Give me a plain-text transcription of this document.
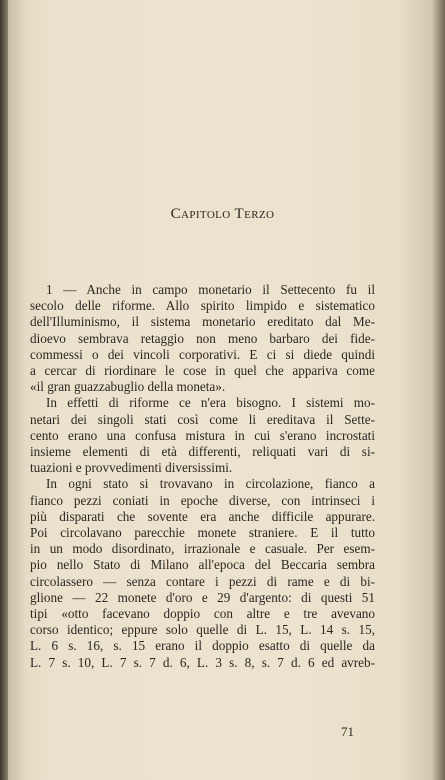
Capitolo Terzo

1 — Anche in campo monetario il Settecento fu il

secolo delle riforme. Allo spirito limpido e sistematico

dell'Illuminismo, il sistema monetario ereditato dal Me-

dioevo sembrava retaggio non meno barbaro dei fide-

commessi o dei vincoli corporativi. E ci si diede quindi

a cercar di riordinare le cose in quel che appariva come

«il gran guazzabuglio della moneta».

In effetti di riforme ce n'era bisogno. I sistemi mo-

netari dei singoli stati così come li ereditava il Sette-

cento erano una confusa mistura in cui s'erano incrostati

insieme elementi di età differenti, reliquati vari di si-

tuazioni e provvedimenti diversissimi.

In ogni stato si trovavano in circolazione, fianco a

fianco pezzi coniati in epoche diverse, con intrinseci i

più disparati che sovente era anche difficile appurare.

Poi circolavano parecchie monete straniere. E il tutto

in un modo disordinato, irrazionale e casuale. Per esem-

pio nello Stato di Milano all'epoca del Beccaria sembra

circolassero — senza contare i pezzi di rame e di bi-

glione — 22 monete d'oro e 29 d'argento: di questi 51

tipi «otto facevano doppio con altre e tre avevano

corso identico; eppure solo quelle di L. 15, L. 14 s. 15,

L. 6 s. 16, s. 15 erano il doppio esatto di quelle da

L. 7 s. 10, L. 7 s. 7 d. 6, L. 3 s. 8, s. 7 d. 6 ed avreb-

71
